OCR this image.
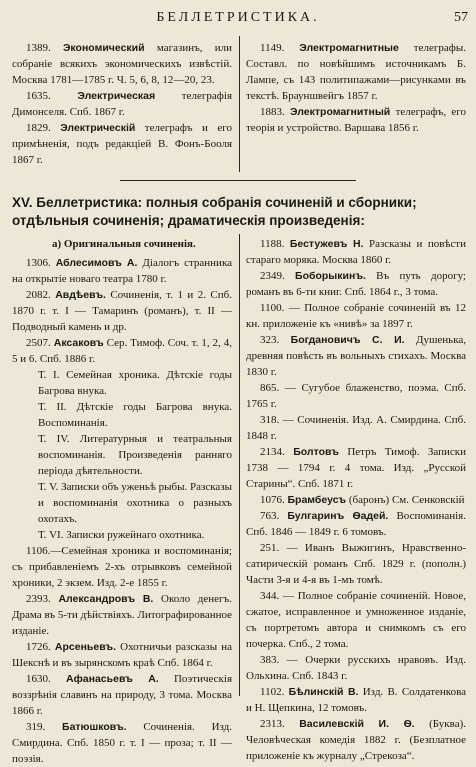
БЕЛЛЕТРИСТИКА.	57

1389. Экономический магазинъ, или собраніе всякихъ экономическихъ извѣстій. Москва 1781—1785 г. Ч. 5, 6, 8, 12—20, 23.

1635.	Электрическая телеграфія Димонселя. Спб. 1867 г.

1829. Электрическій телеграфъ и его примѣненія, подъ редакціей В. Фонъ-Бооля 1867 г.

1149. Электромагнитные телеграфы. Составл. по новѣйшимъ источникамъ Б. Лампе, съ 143 политипажами—рисунками въ текстѣ. Брауншвейгъ 1857 г.

1883. Электромагнитный телеграфъ, его теорія и устройство. Варшава 1856 г.

XV. Беллетристика: полныя собранія сочиненій и сборники; отдѣльныя сочиненія; драматическія произведенія:

а) Оригинальныя сочиненія.

1306. Аблесимовъ А. Діалогъ странника на открытіе новаго театра 1780 г.

2082. Авдѣевъ. Сочиненія, т. 1 и 2. Спб. 1870 г. т. I — Тамаринъ (романъ), т. II — Подводный камень и др.

2507. Аксаковъ Сер. Тимоф. Соч. т. 1, 2, 4, 5 и 6. Спб. 1886 г.

Т. I. Семейная хроника. Дѣтскіе годы Багрова внука.

Т. II. Дѣтскіе годы Багрова внука. Воспоминанія.

Т. IV. Литературныя и театральныя воспоминанія. Произведенія ранняго періода дѣятельности.

Т. V. Записки объ уженьѣ рыбы. Разсказы и воспоминанія охотника о разныхъ охотахъ.

Т. VI. Записки ружейнаго охотника.

1106.—Семейная хроника и воспоминанія; съ прибавленіемъ 2-хъ отрывковъ семейной хроники, 2 экзем. Изд. 2-е 1855 г.

2393. Александровъ В. Около денегъ. Драма въ 5-ти дѣйствіяхъ. Литографированное изданіе.

1726. Арсеньевъ. Охотничьи разсказы на Шекснѣ и въ зырянскомъ краѣ Спб. 1864 г.

1630. Афанасьевъ А. Поэтическія воззрѣнія славянъ на природу, 3 тома. Москва 1866 г.

319. Батюшковъ. Сочиненія. Изд. Смирдина. Спб. 1850 г. т. I — проза; т. II — поэзія.

1188. Бестужевъ Н. Разсказы и повѣсти стараго моряка. Москва 1860 г.

2349. Боборыкинъ. Въ путь дорогу; романъ въ 6-ти книг. Спб. 1864 г., 3 тома.

1100. — Полное собраніе сочиненій въ 12 кн. приложеніе къ «нивѣ» за 1897 г.

323. Богдановичъ С. И. Душенька, древняя повѣсть въ вольныхъ стихахъ. Москва 1830 г.

865. — Сугубое блаженство, поэма. Спб. 1765 г.

318. — Сочиненія. Изд. А. Смирдина. Спб. 1848 г.

2134. Болтовъ Петръ Тимоф. Записки 1738 — 1794 г. 4 тома. Изд. „Русской Старины“. Спб. 1871 г.

1076. Брамбеусъ (баронъ) См. Сенковскій

763. Булгаринъ Ѳадей. Воспоминанія. Спб. 1846 — 1849 г. 6 томовъ.

251. — Иванъ Выжигинъ, Нравственно-сатирическій романъ Спб. 1829 г. (пополн.) Части 3-я и 4-я въ 1-мъ томѣ.

344. — Полное собраніе сочиненій. Новое, сжатое, исправленное и умноженное изданіе, съ портретомъ автора и снимкомъ съ его почерка. Спб., 2 тома.

383. — Очерки русскихъ нравовъ. Изд. Ольхина. Спб. 1843 г.

1102. Бѣлинскій В. Изд. В. Солдатенкова и Н. Щепкина, 12 томовъ.

2313. Василевскій И. Ѳ. (Буква). Человѣческая комедія 1882 г. (Безплатное приложеніе къ журналу „Стрекоза“.
